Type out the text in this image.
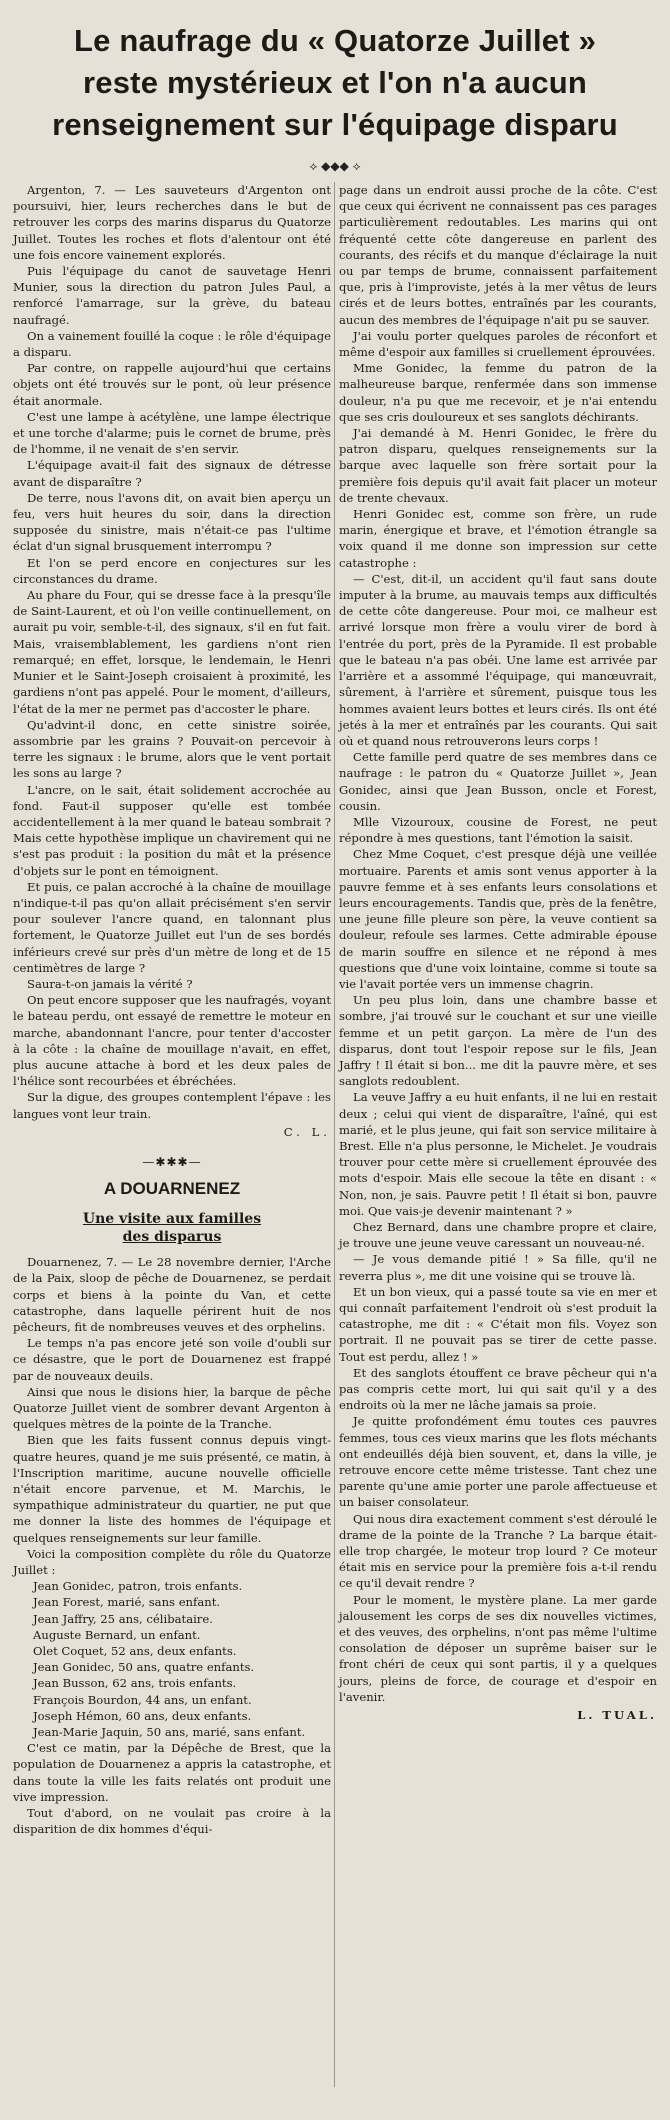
Le naufrage du « Quatorze Juillet »
reste mystérieux et l'on n'a aucun
renseignement sur l'équipage disparu
⟡ ◆◆◆ ⟡

Argenton, 7. — Les sauveteurs d'Argenton ont poursuivi, hier, leurs recherches dans le but de retrouver les corps des marins disparus du Quatorze Juillet. Toutes les roches et flots d'alentour ont été une fois encore vainement explorés.

Puis l'équipage du canot de sauvetage Henri Munier, sous la direction du patron Jules Paul, a renforcé l'amarrage, sur la grève, du bateau naufragé.

On a vainement fouillé la coque : le rôle d'équipage a disparu.

Par contre, on rappelle aujourd'hui que certains objets ont été trouvés sur le pont, où leur présence était anormale.

C'est une lampe à acétylène, une lampe électrique et une torche d'alarme; puis le cornet de brume, près de l'homme, il ne venait de s'en servir.

L'équipage avait-il fait des signaux de détresse avant de disparaître ?

De terre, nous l'avons dit, on avait bien aperçu un feu, vers huit heures du soir, dans la direction supposée du sinistre, mais n'était-ce pas l'ultime éclat d'un signal brusquement interrompu ?

Et l'on se perd encore en conjectures sur les circonstances du drame.

Au phare du Four, qui se dresse face à la presqu'île de Saint-Laurent, et où l'on veille continuellement, on aurait pu voir, semble-t-il, des signaux, s'il en fut fait. Mais, vraisemblablement, les gardiens n'ont rien remarqué; en effet, lorsque, le lendemain, le Henri Munier et le Saint-Joseph croisaient à proximité, les gardiens n'ont pas appelé. Pour le moment, d'ailleurs, l'état de la mer ne permet pas d'accoster le phare.

Qu'advint-il donc, en cette sinistre soirée, assombrie par les grains ? Pouvait-on percevoir à terre les signaux : le brume, alors que le vent portait les sons au large ?

L'ancre, on le sait, était solidement accrochée au fond. Faut-il supposer qu'elle est tombée accidentellement à la mer quand le bateau sombrait ? Mais cette hypothèse implique un chavirement qui ne s'est pas produit : la position du mât et la présence d'objets sur le pont en témoignent.

Et puis, ce palan accroché à la chaîne de mouillage n'indique-t-il pas qu'on allait précisément s'en servir pour soulever l'ancre quand, en talonnant plus fortement, le Quatorze Juillet eut l'un de ses bordés inférieurs crevé sur près d'un mètre de long et de 15 centimètres de large ?

Saura-t-on jamais la vérité ?

On peut encore supposer que les naufragés, voyant le bateau perdu, ont essayé de remettre le moteur en marche, abandonnant l'ancre, pour tenter d'accoster à la côte : la chaîne de mouillage n'avait, en effet, plus aucune attache à bord et les deux pales de l'hélice sont recourbées et ébréchées.

Sur la digue, des groupes contemplent l'épave : les langues vont leur train.

C. L.
—✱✱✱—
A DOUARNENEZ
Une visite aux familles
des disparus

Douarnenez, 7. — Le 28 novembre dernier, l'Arche de la Paix, sloop de pêche de Douarnenez, se perdait corps et biens à la pointe du Van, et cette catastrophe, dans laquelle périrent huit de nos pêcheurs, fit de nombreuses veuves et des orphelins.

Le temps n'a pas encore jeté son voile d'oubli sur ce désastre, que le port de Douarnenez est frappé par de nouveaux deuils.

Ainsi que nous le disions hier, la barque de pêche Quatorze Juillet vient de sombrer devant Argenton à quelques mètres de la pointe de la Tranche.

Bien que les faits fussent connus depuis vingt-quatre heures, quand je me suis présenté, ce matin, à l'Inscription maritime, aucune nouvelle officielle n'était encore parvenue, et M. Marchis, le sympathique administrateur du quartier, ne put que me donner la liste des hommes de l'équipage et quelques renseignements sur leur famille.

Voici la composition complète du rôle du Quatorze Juillet :

Jean Gonidec, patron, trois enfants.

Jean Forest, marié, sans enfant.

Jean Jaffry, 25 ans, célibataire.

Auguste Bernard, un enfant.

Olet Coquet, 52 ans, deux enfants.

Jean Gonidec, 50 ans, quatre enfants.

Jean Busson, 62 ans, trois enfants.

François Bourdon, 44 ans, un enfant.

Joseph Hémon, 60 ans, deux enfants.

Jean-Marie Jaquin, 50 ans, marié, sans enfant.

C'est ce matin, par la Dépêche de Brest, que la population de Douarnenez a appris la catastrophe, et dans toute la ville les faits relatés ont produit une vive impression.

Tout d'abord, on ne voulait pas croire à la disparition de dix hommes d'équi-

page dans un endroit aussi proche de la côte. C'est que ceux qui écrivent ne connaissent pas ces parages particulièrement redoutables. Les marins qui ont fréquenté cette côte dangereuse en parlent des courants, des récifs et du manque d'éclairage la nuit ou par temps de brume, connaissent parfaitement que, pris à l'improviste, jetés à la mer vêtus de leurs cirés et de leurs bottes, entraînés par les courants, aucun des membres de l'équipage n'ait pu se sauver.

J'ai voulu porter quelques paroles de réconfort et même d'espoir aux familles si cruellement éprouvées.

Mme Gonidec, la femme du patron de la malheureuse barque, renfermée dans son immense douleur, n'a pu que me recevoir, et je n'ai entendu que ses cris douloureux et ses sanglots déchirants.

J'ai demandé à M. Henri Gonidec, le frère du patron disparu, quelques renseignements sur la barque avec laquelle son frère sortait pour la première fois depuis qu'il avait fait placer un moteur de trente chevaux.

Henri Gonidec est, comme son frère, un rude marin, énergique et brave, et l'émotion étrangle sa voix quand il me donne son impression sur cette catastrophe :

— C'est, dit-il, un accident qu'il faut sans doute imputer à la brume, au mauvais temps aux difficultés de cette côte dangereuse. Pour moi, ce malheur est arrivé lorsque mon frère a voulu virer de bord à l'entrée du port, près de la Pyramide. Il est probable que le bateau n'a pas obéi. Une lame est arrivée par l'arrière et a assommé l'équipage, qui manœuvrait, sûrement, à l'arrière et sûrement, puisque tous les hommes avaient leurs bottes et leurs cirés. Ils ont été jetés à la mer et entraînés par les courants. Qui sait où et quand nous retrouverons leurs corps !

Cette famille perd quatre de ses membres dans ce naufrage : le patron du « Quatorze Juillet », Jean Gonidec, ainsi que Jean Busson, oncle et Forest, cousin.

Mlle Vizouroux, cousine de Forest, ne peut répondre à mes questions, tant l'émotion la saisit.

Chez Mme Coquet, c'est presque déjà une veillée mortuaire. Parents et amis sont venus apporter à la pauvre femme et à ses enfants leurs consolations et leurs encouragements. Tandis que, près de la fenêtre, une jeune fille pleure son père, la veuve contient sa douleur, refoule ses larmes. Cette admirable épouse de marin souffre en silence et ne répond à mes questions que d'une voix lointaine, comme si toute sa vie l'avait portée vers un immense chagrin.

Un peu plus loin, dans une chambre basse et sombre, j'ai trouvé sur le couchant et sur une vieille femme et un petit garçon. La mère de l'un des disparus, dont tout l'espoir repose sur le fils, Jean Jaffry ! Il était si bon... me dit la pauvre mère, et ses sanglots redoublent.

La veuve Jaffry a eu huit enfants, il ne lui en restait deux ; celui qui vient de disparaître, l'aîné, qui est marié, et le plus jeune, qui fait son service militaire à Brest. Elle n'a plus personne, le Michelet. Je voudrais trouver pour cette mère si cruellement éprouvée des mots d'espoir. Mais elle secoue la tête en disant : « Non, non, je sais. Pauvre petit ! Il était si bon, pauvre moi. Que vais-je devenir maintenant ? »

Chez Bernard, dans une chambre propre et claire, je trouve une jeune veuve caressant un nouveau-né.

— Je vous demande pitié ! » Sa fille, qu'il ne reverra plus », me dit une voisine qui se trouve là.

Et un bon vieux, qui a passé toute sa vie en mer et qui connaît parfaitement l'endroit où s'est produit la catastrophe, me dit : « C'était mon fils. Voyez son portrait. Il ne pouvait pas se tirer de cette passe. Tout est perdu, allez ! »

Et des sanglots étouffent ce brave pêcheur qui n'a pas compris cette mort, lui qui sait qu'il y a des endroits où la mer ne lâche jamais sa proie.

Je quitte profondément ému toutes ces pauvres femmes, tous ces vieux marins que les flots méchants ont endeuillés déjà bien souvent, et, dans la ville, je retrouve encore cette même tristesse. Tant chez une parente qu'une amie porter une parole affectueuse et un baiser consolateur.

Qui nous dira exactement comment s'est déroulé le drame de la pointe de la Tranche ? La barque était-elle trop chargée, le moteur trop lourd ? Ce moteur était mis en service pour la première fois a-t-il rendu ce qu'il devait rendre ?

Pour le moment, le mystère plane. La mer garde jalousement les corps de ses dix nouvelles victimes, et des veuves, des orphelins, n'ont pas même l'ultime consolation de déposer un suprême baiser sur le front chéri de ceux qui sont partis, il y a quelques jours, pleins de force, de courage et d'espoir en l'avenir.

L. TUAL.
